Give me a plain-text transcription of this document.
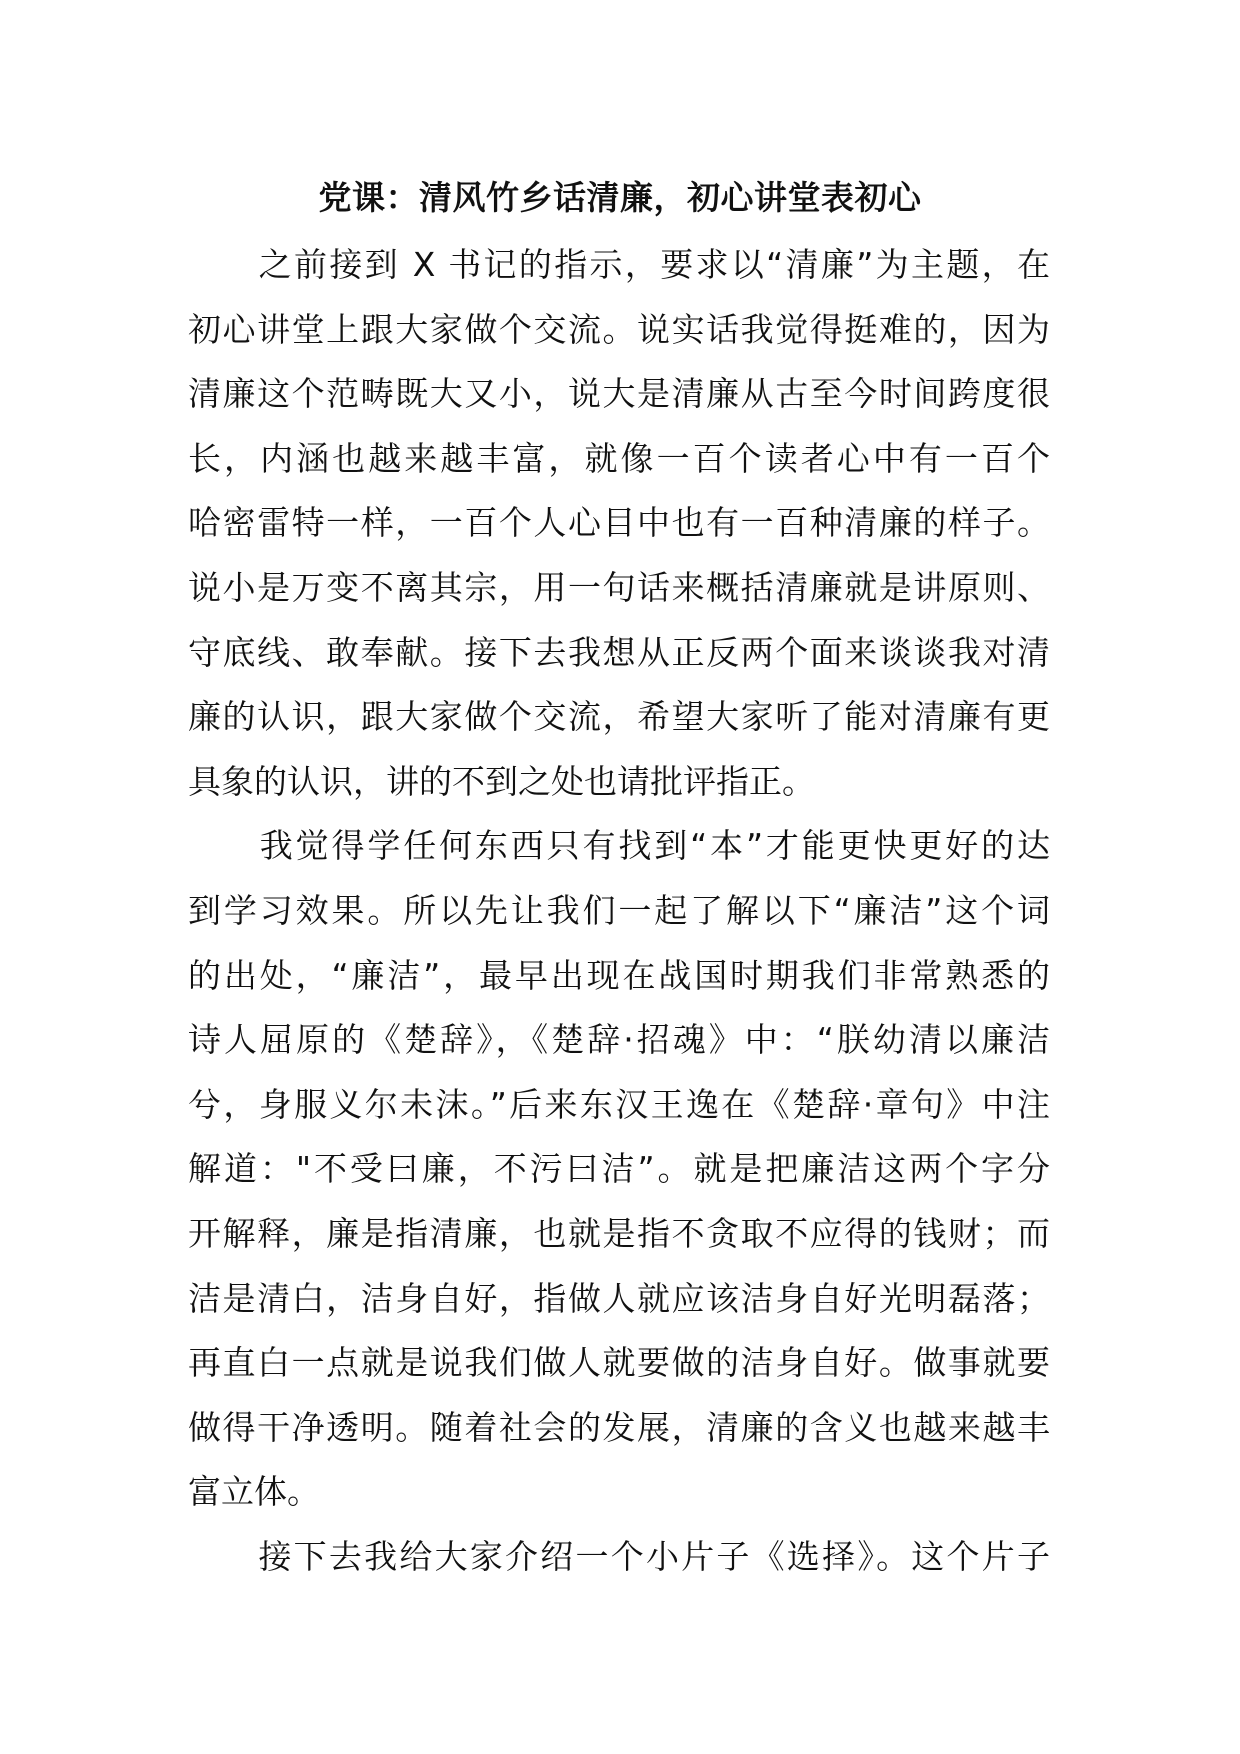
党课：清风竹乡话清廉，初心讲堂表初心
　　之前接到 X 书记的指示，要求以“清廉”为主题，在
初心讲堂上跟大家做个交流。说实话我觉得挺难的，因为
清廉这个范畴既大又小，说大是清廉从古至今时间跨度很
长，内涵也越来越丰富，就像一百个读者心中有一百个
哈密雷特一样，一百个人心目中也有一百种清廉的样子。
说小是万变不离其宗，用一句话来概括清廉就是讲原则、
守底线、敢奉献。接下去我想从正反两个面来谈谈我对清
廉的认识，跟大家做个交流，希望大家听了能对清廉有更
具象的认识，讲的不到之处也请批评指正。
　　我觉得学任何东西只有找到“本”才能更快更好的达
到学习效果。所以先让我们一起了解以下“廉洁”这个词
的出处，“廉洁”，最早出现在战国时期我们非常熟悉的
诗人屈原的《楚辞》，《楚辞·招魂》中：“朕幼清以廉洁
兮，身服义尔未沫。”后来东汉王逸在《楚辞·章句》中注
解道："不受曰廉，不污曰洁”。就是把廉洁这两个字分
开解释，廉是指清廉，也就是指不贪取不应得的钱财；而
洁是清白，洁身自好，指做人就应该洁身自好光明磊落；
再直白一点就是说我们做人就要做的洁身自好。做事就要
做得干净透明。随着社会的发展，清廉的含义也越来越丰
富立体。
　　接下去我给大家介绍一个小片子《选择》。这个片子
